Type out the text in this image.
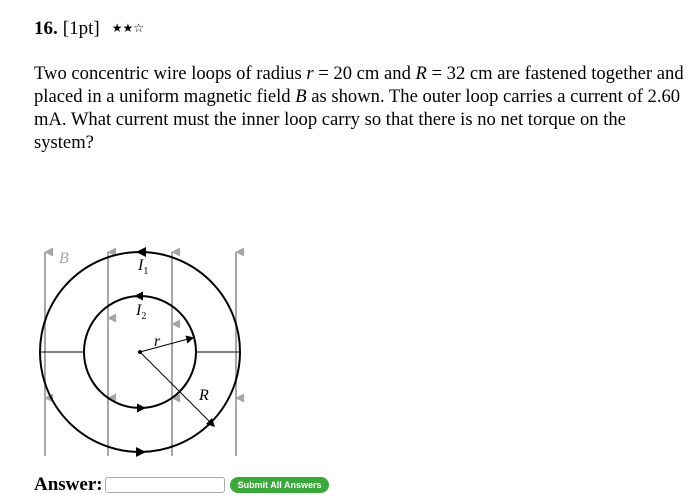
16. [1pt] ★★☆
Two concentric wire loops of radius r = 20 cm and R = 32 cm are fastened together and placed in a uniform magnetic field B as shown. The outer loop carries a current of 2.60 mA. What current must the inner loop carry so that there is no net torque on the system?
B	$I_1$
$I_2$
r
R
Answer:	Submit All Answers
